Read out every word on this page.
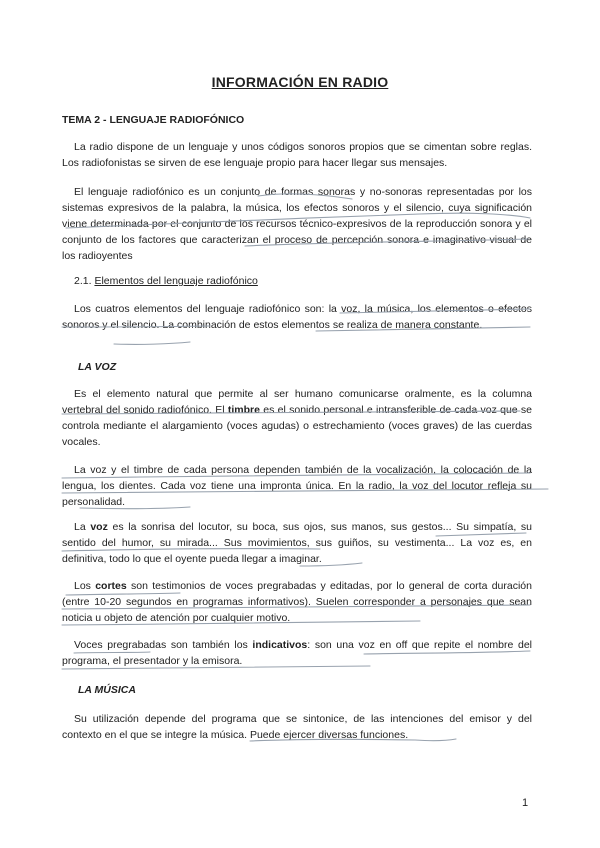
INFORMACIÓN EN RADIO
TEMA 2 - LENGUAJE RADIOFÓNICO

La radio dispone de un lenguaje y unos códigos sonoros propios que se cimentan sobre reglas. Los radiofonistas se sirven de ese lenguaje propio para hacer llegar sus mensajes.

El lenguaje radiofónico es un conjunto de formas sonoras y no-sonoras representadas por los sistemas expresivos de la palabra, la música, los efectos sonoros y el silencio, cuya significación viene determinada por el conjunto de los recursos técnico-expresivos de la reproducción sonora y el conjunto de los factores que caracterizan el proceso de percepción sonora e imaginativo-visual de los radioyentes

2.1. Elementos del lenguaje radiofónico

Los cuatros elementos del lenguaje radiofónico son: la voz, la música, los elementos o efectos sonoros y el silencio. La combinación de estos elementos se realiza de manera constante.

LA VOZ

Es el elemento natural que permite al ser humano comunicarse oralmente, es la columna vertebral del sonido radiofónico. El timbre es el sonido personal e intransferible de cada voz que se controla mediante el alargamiento (voces agudas) o estrechamiento (voces graves) de las cuerdas vocales.

La voz y el timbre de cada persona dependen también de la vocalización, la colocación de la lengua, los dientes. Cada voz tiene una impronta única. En la radio, la voz del locutor refleja su personalidad.

La voz es la sonrisa del locutor, su boca, sus ojos, sus manos, sus gestos... Su simpatía, su sentido del humor, su mirada... Sus movimientos, sus guiños, su vestimenta... La voz es, en definitiva, todo lo que el oyente pueda llegar a imaginar.

Los cortes son testimonios de voces pregrabadas y editadas, por lo general de corta duración (entre 10-20 segundos en programas informativos). Suelen corresponder a personajes que sean noticia u objeto de atención por cualquier motivo.

Voces pregrabadas son también los indicativos: son una voz en off que repite el nombre del programa, el presentador y la emisora.

LA MÚSICA

Su utilización depende del programa que se sintonice, de las intenciones del emisor y del contexto en el que se integre la música. Puede ejercer diversas funciones.

1
